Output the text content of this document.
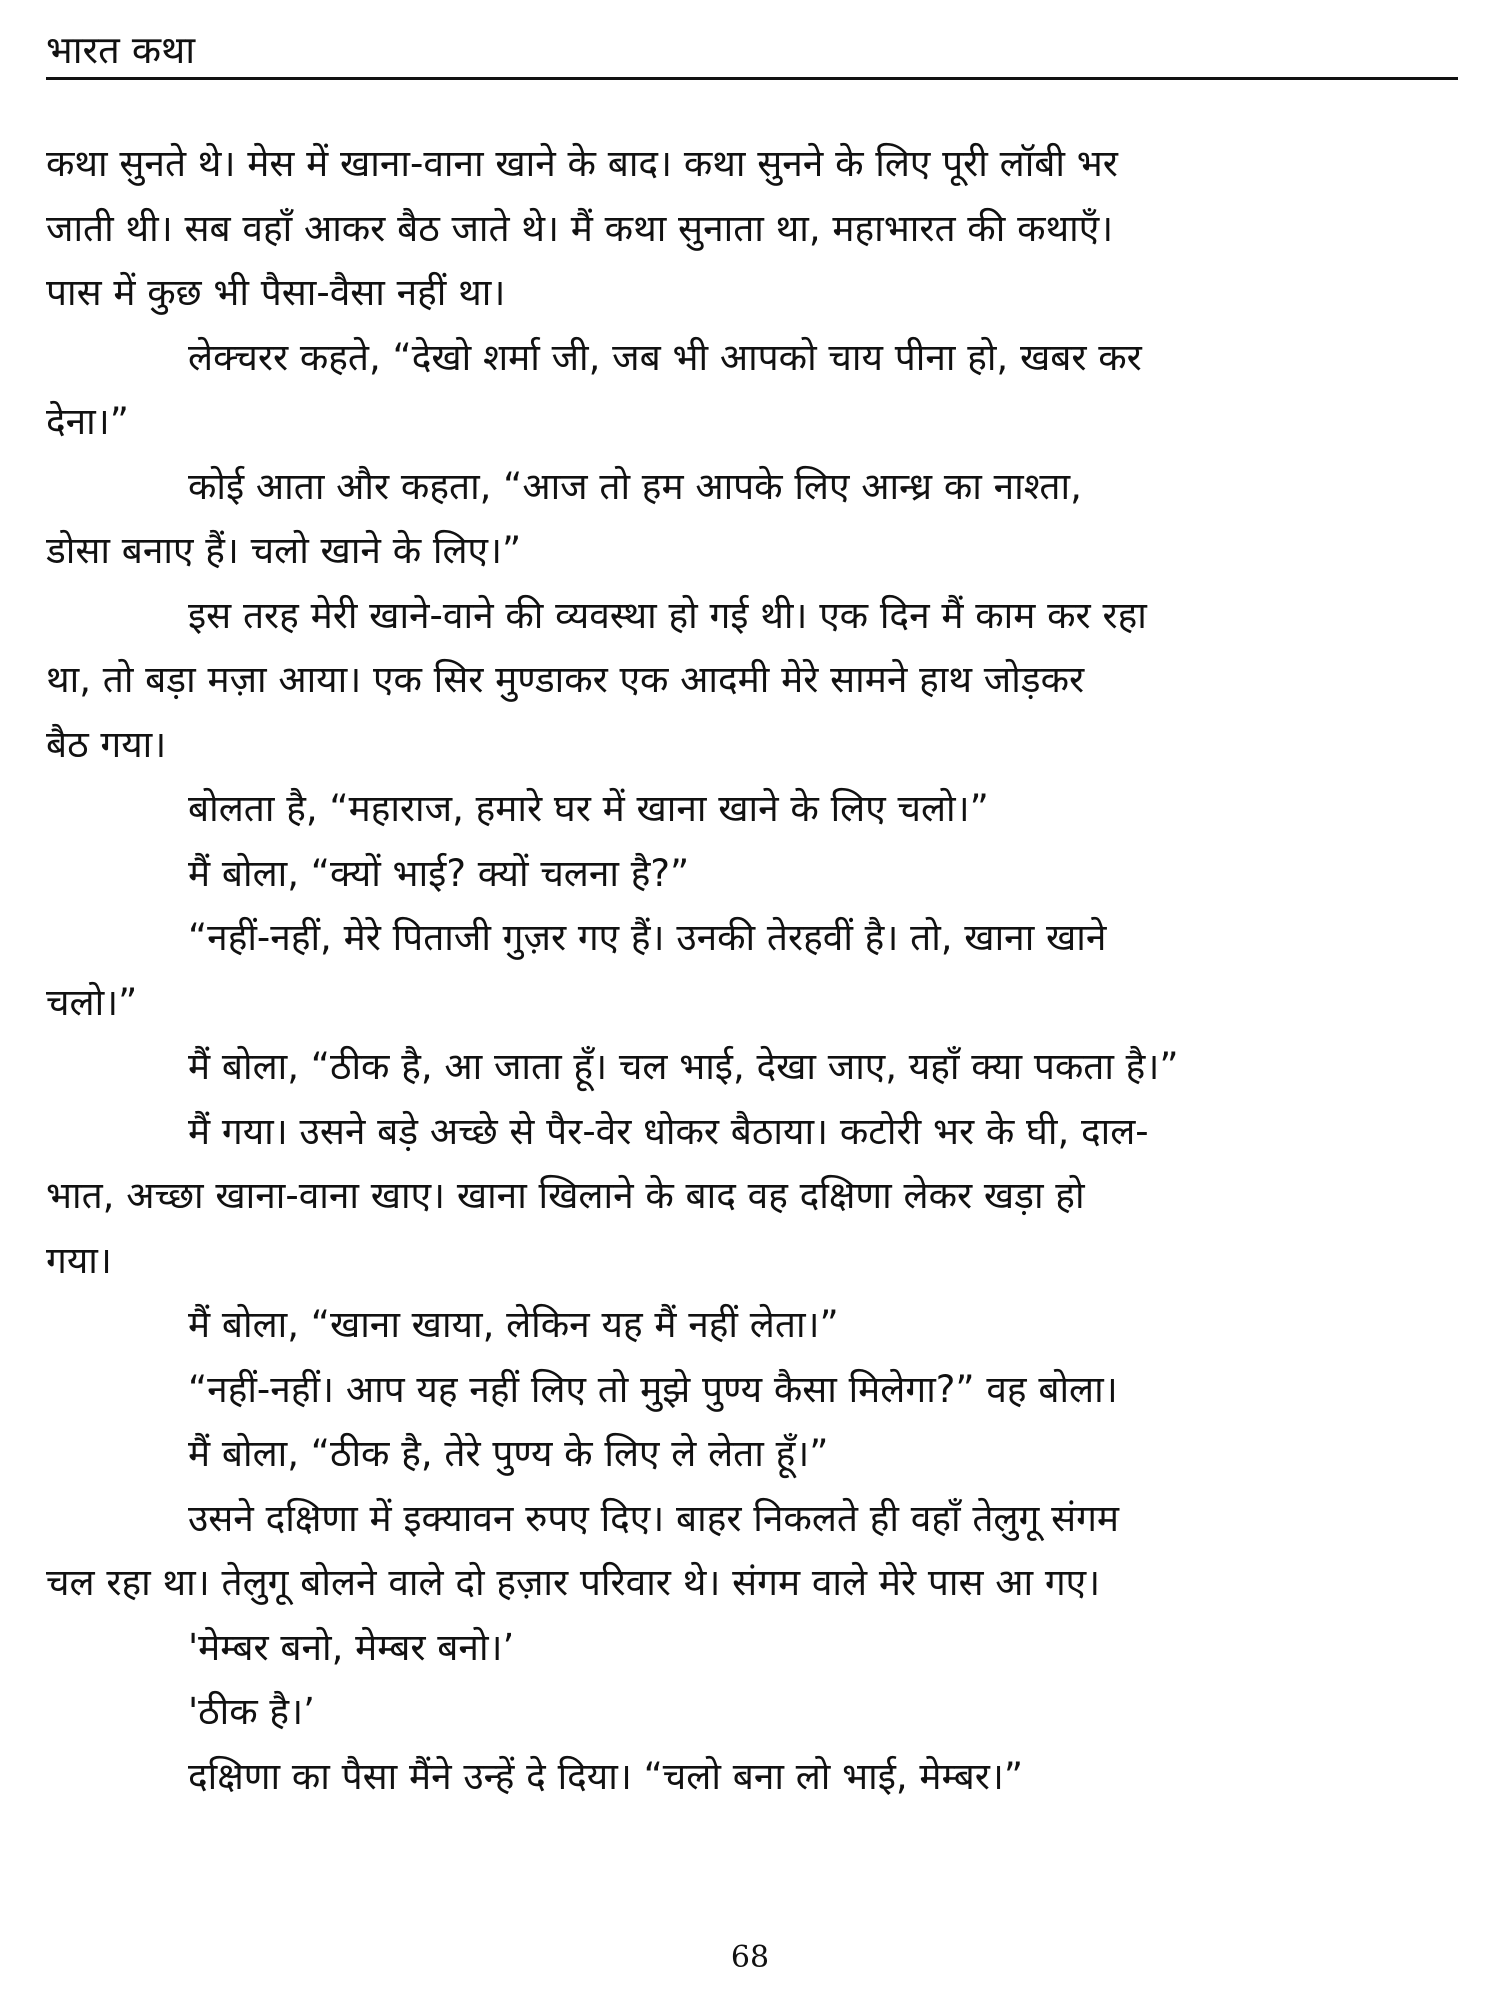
भारत कथा
कथा सुनते थे। मेस में खाना-वाना खाने के बाद। कथा सुनने के लिए पूरी लॉबी भर
जाती थी। सब वहाँ आकर बैठ जाते थे। मैं कथा सुनाता था, महाभारत की कथाएँ।
पास में कुछ भी पैसा-वैसा नहीं था।
लेक्चरर कहते, “देखो शर्मा जी, जब भी आपको चाय पीना हो, खबर कर
देना।”
कोई आता और कहता, “आज तो हम आपके लिए आन्ध्र का नाश्ता,
डोसा बनाए हैं। चलो खाने के लिए।”
इस तरह मेरी खाने-वाने की व्यवस्था हो गई थी। एक दिन मैं काम कर रहा
था, तो बड़ा मज़ा आया। एक सिर मुण्डाकर एक आदमी मेरे सामने हाथ जोड़कर
बैठ गया।
बोलता है, “महाराज, हमारे घर में खाना खाने के लिए चलो।”
मैं बोला, “क्यों भाई? क्यों चलना है?”
“नहीं-नहीं, मेरे पिताजी गुज़र गए हैं। उनकी तेरहवीं है। तो, खाना खाने
चलो।”
मैं बोला, “ठीक है, आ जाता हूँ। चल भाई, देखा जाए, यहाँ क्या पकता है।”
मैं गया। उसने बड़े अच्छे से पैर-वेर धोकर बैठाया। कटोरी भर के घी, दाल-
भात, अच्छा खाना-वाना खाए। खाना खिलाने के बाद वह दक्षिणा लेकर खड़ा हो
गया।
मैं बोला, “खाना खाया, लेकिन यह मैं नहीं लेता।”
“नहीं-नहीं। आप यह नहीं लिए तो मुझे पुण्य कैसा मिलेगा?” वह बोला।
मैं बोला, “ठीक है, तेरे पुण्य के लिए ले लेता हूँ।”
उसने दक्षिणा में इक्यावन रुपए दिए। बाहर निकलते ही वहाँ तेलुगू संगम
चल रहा था। तेलुगू बोलने वाले दो हज़ार परिवार थे। संगम वाले मेरे पास आ गए।
'मेम्बर बनो, मेम्बर बनो।’
'ठीक है।’
दक्षिणा का पैसा मैंने उन्हें दे दिया। “चलो बना लो भाई, मेम्बर।”
68
